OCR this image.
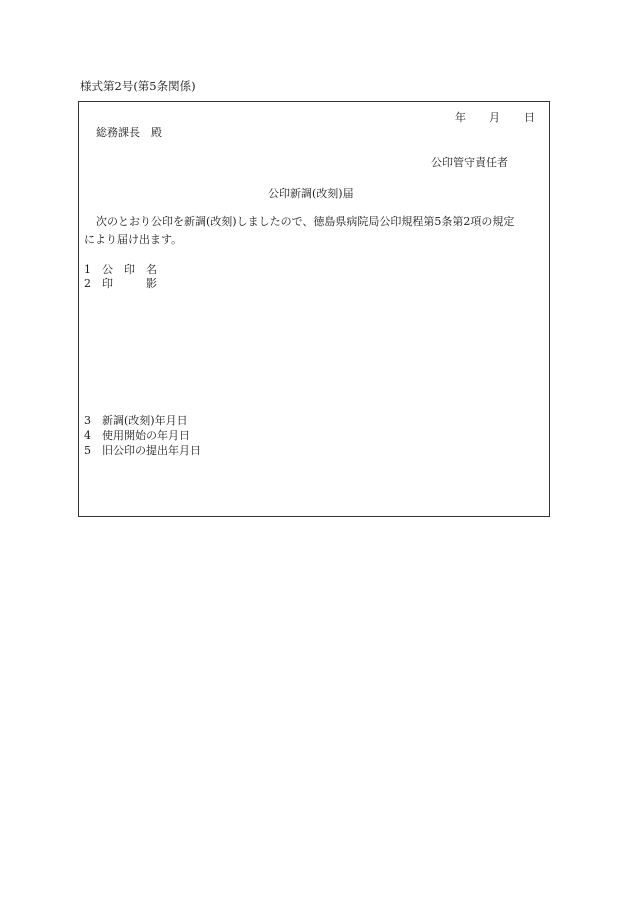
様式第2号(第5条関係)
年 月 日
総務課長　殿
公印管守責任者
公印新調(改刻)届
次のとおり公印を新調(改刻)しましたので、徳島県病院局公印規程第5条第2項の規定
により届け出ます。
1 公　印　名
2 印　　　影
3 新調(改刻)年月日
4 使用開始の年月日
5 旧公印の提出年月日
